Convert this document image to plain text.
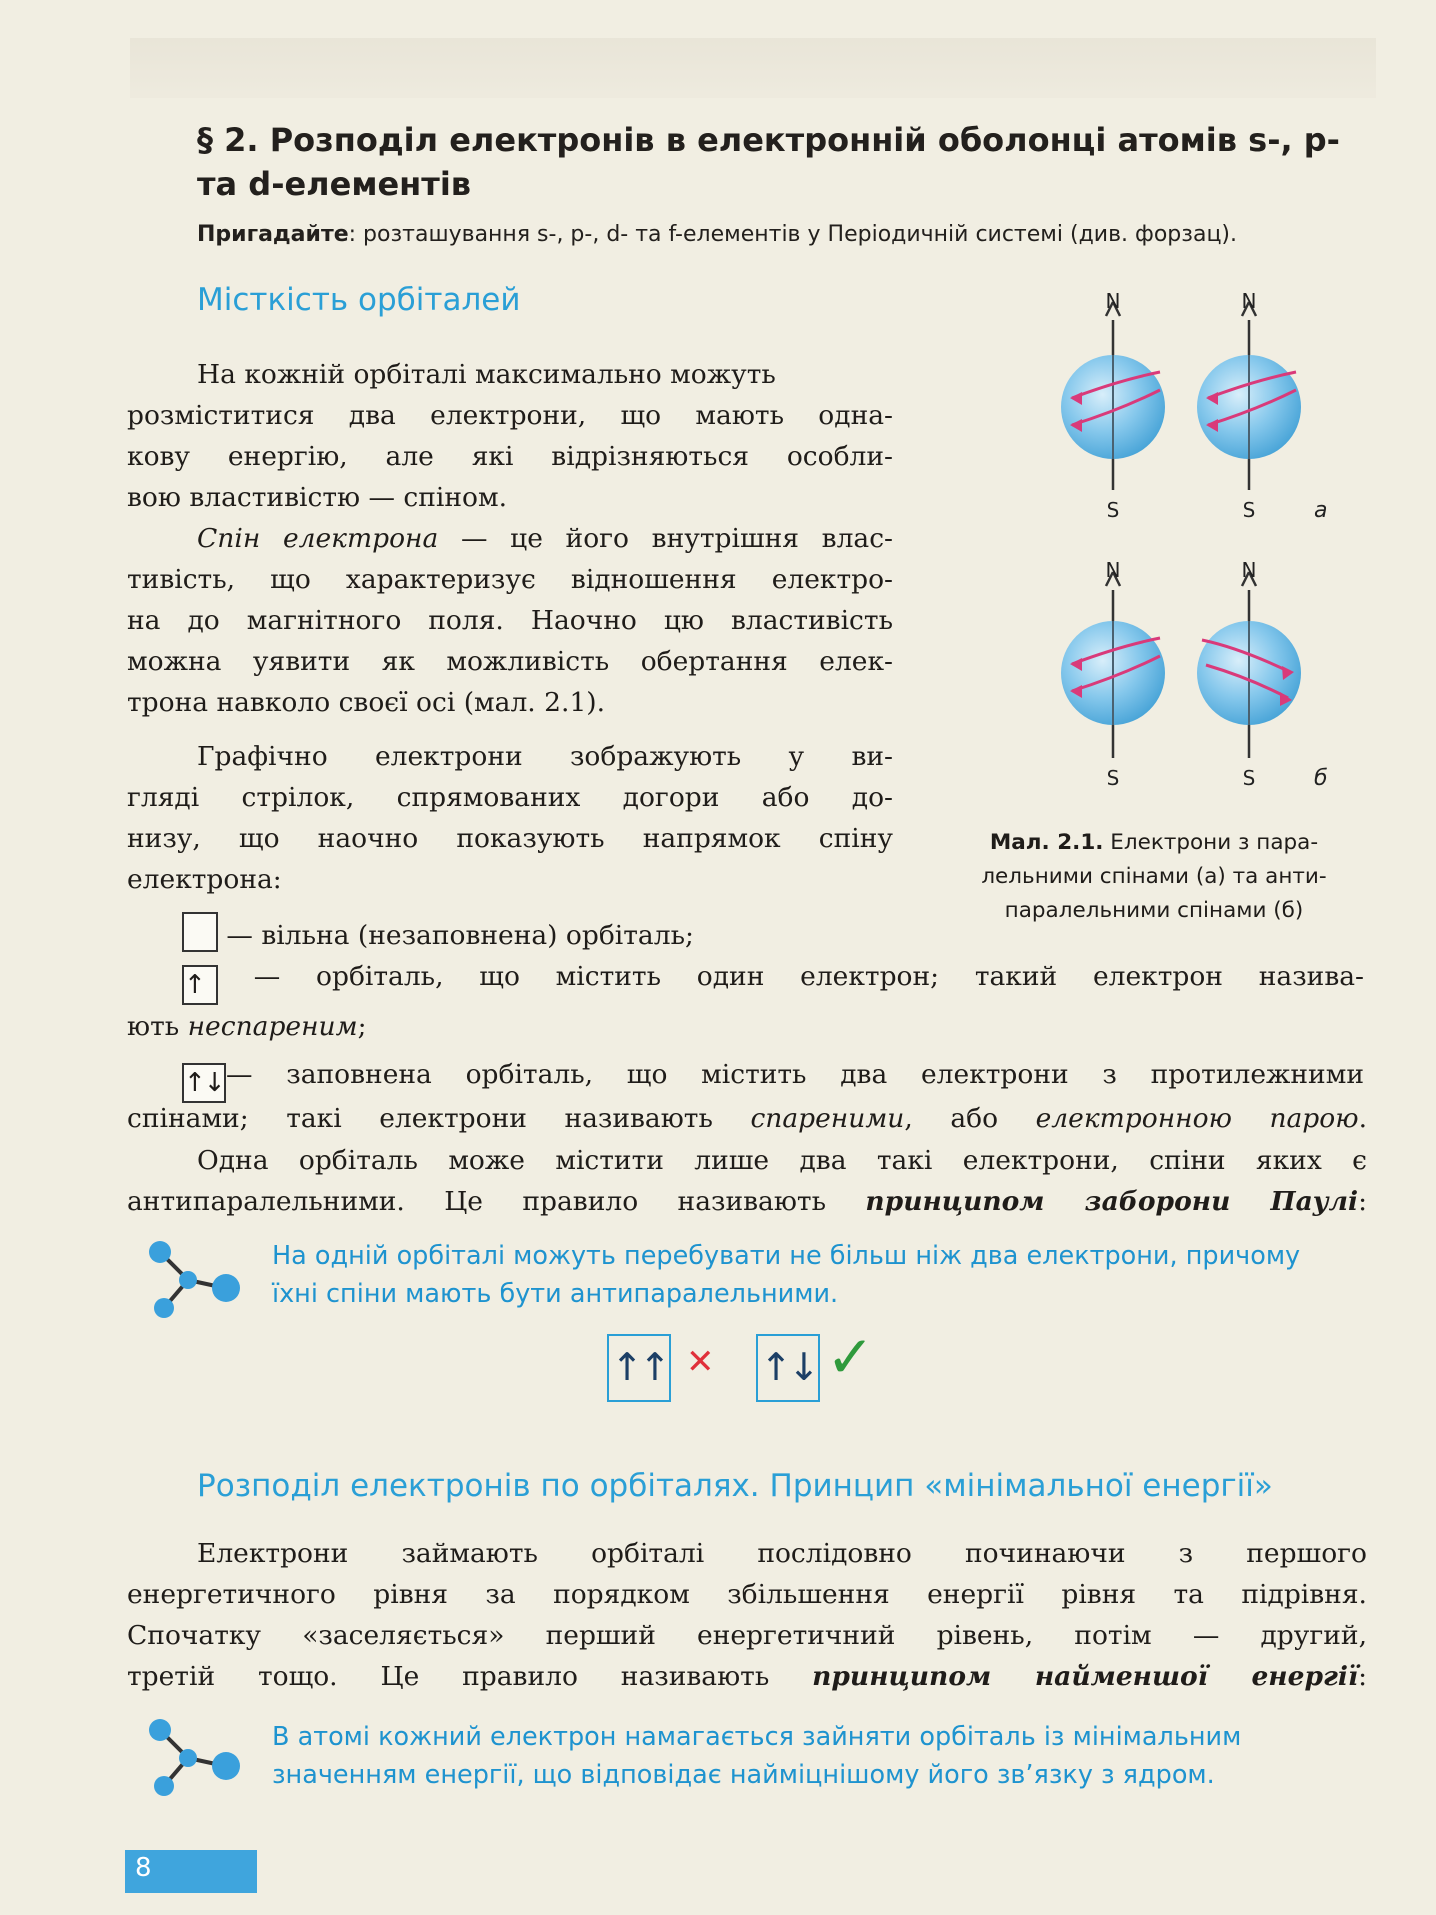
§ 2. Розподіл електронів в електронній оболонці атомів s-, p-
та d-елементів
Пригадайте: розташування s-, p-, d- та f-елементів у Періодичній системі (див. форзац).
Місткість орбіталей
На кожній орбіталі максимально можуть
розміститися два електрони, що мають одна-
кову енергію, але які відрізняються особли-
вою властивістю — спіном.
Спін електрона — це його внутрішня влас-
тивість, що характеризує відношення електро-
на до магнітного поля. Наочно цю властивість
можна уявити як можливість обертання елек-
трона навколо своєї осі (мал. 2.1).
Графічно електрони зображують у ви-
гляді стрілок, спрямованих догори або до-
низу, що наочно показують напрямок спіну
електрона:
— вільна (незаповнена) орбіталь;
↑ — орбіталь, що містить один електрон; такий електрон назива-
ють неспареним;
↑↓— заповнена орбіталь, що містить два електрони з протилежними
спінами; такі електрони називають спареними, або електронною парою.
Одна орбіталь може містити лише два такі електрони, спіни яких є
антипаралельними. Це правило називають принципом заборони Паулі:
На одній орбіталі можуть перебувати не більш ніж два електрони, причому
їхні спіни мають бути антипаралельними.
↑↑ ✕ ↑↓ ✓
Розподіл електронів по орбіталях. Принцип «мінімальної енергії»
Електрони займають орбіталі послідовно починаючи з першого
енергетичного рівня за порядком збільшення енергії рівня та підрівня.
Спочатку «заселяється» перший енергетичний рівень, потім — другий,
третій тощо. Це правило називають принципом найменшої енергії:
В атомі кожний електрон намагається зайняти орбіталь із мінімальним
значенням енергії, що відповідає найміцнішому його зв’язку з ядром.
N	N
S	S	а
N	N
S	S	б
Мал. 2.1. Електрони з пара-
лельними спінами (а) та анти-
паралельними спінами (б)
8
